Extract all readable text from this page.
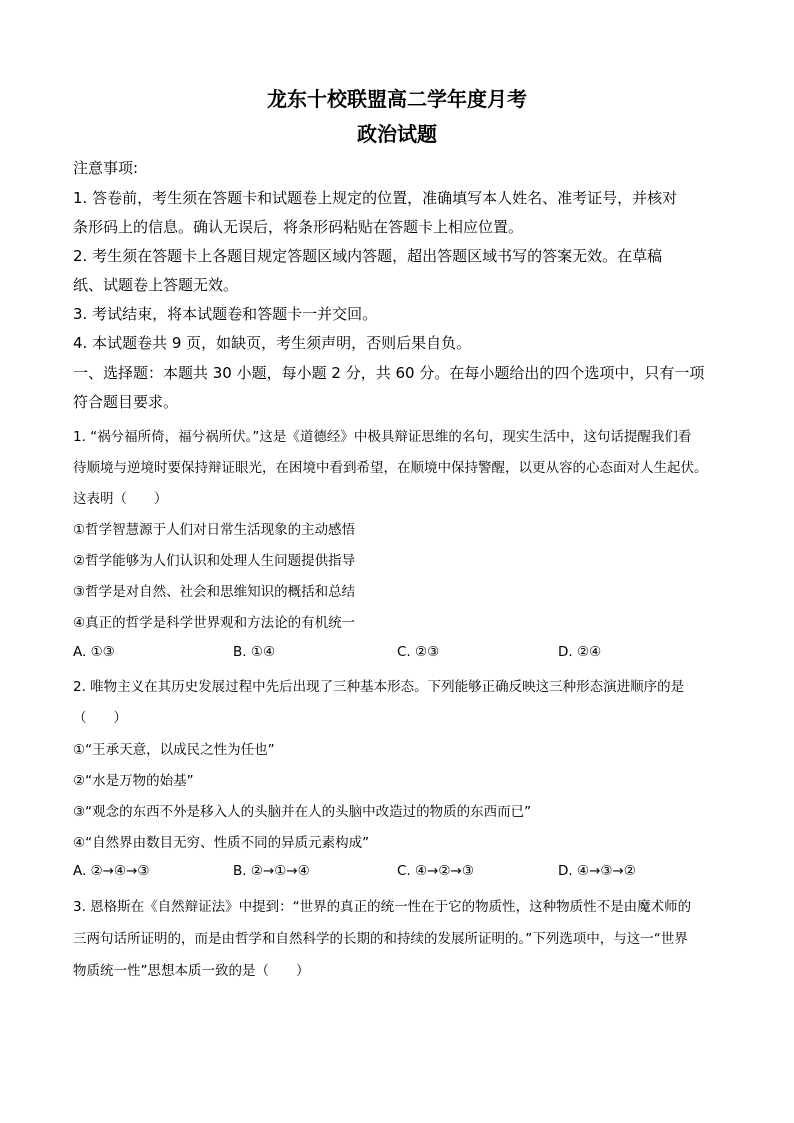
龙东十校联盟高二学年度月考
政治试题
注意事项:
1. 答卷前，考生须在答题卡和试题卷上规定的位置，准确填写本人姓名、准考证号，并核对
条形码上的信息。确认无误后，将条形码粘贴在答题卡上相应位置。
2. 考生须在答题卡上各题目规定答题区域内答题，超出答题区域书写的答案无效。在草稿
纸、试题卷上答题无效。
3. 考试结束，将本试题卷和答题卡一并交回。
4. 本试题卷共 9 页，如缺页，考生须声明，否则后果自负。
一、选择题：本题共 30 小题，每小题 2 分，共 60 分。在每小题给出的四个选项中，只有一项
符合题目要求。
1. “祸兮福所倚，福兮祸所伏。”这是《道德经》中极具辩证思维的名句，现实生活中，这句话提醒我们看
待顺境与逆境时要保持辩证眼光，在困境中看到希望，在顺境中保持警醒，以更从容的心态面对人生起伏。
这表明（　　）
①哲学智慧源于人们对日常生活现象的主动感悟
②哲学能够为人们认识和处理人生问题提供指导
③哲学是对自然、社会和思维知识的概括和总结
④真正的哲学是科学世界观和方法论的有机统一
A. ①③	B. ①④	C. ②③	D. ②④
2. 唯物主义在其历史发展过程中先后出现了三种基本形态。下列能够正确反映这三种形态演进顺序的是
（　　）
①“王承天意，以成民之性为任也”
②“水是万物的始基”
③“观念的东西不外是移入人的头脑并在人的头脑中改造过的物质的东西而已”
④“自然界由数目无穷、性质不同的异质元素构成”
A. ②→④→③	B. ②→①→④	C. ④→②→③	D. ④→③→②
3. 恩格斯在《自然辩证法》中提到：“世界的真正的统一性在于它的物质性，这种物质性不是由魔术师的
三两句话所证明的，而是由哲学和自然科学的长期的和持续的发展所证明的。”下列选项中，与这一“世界
物质统一性”思想本质一致的是（　　）
